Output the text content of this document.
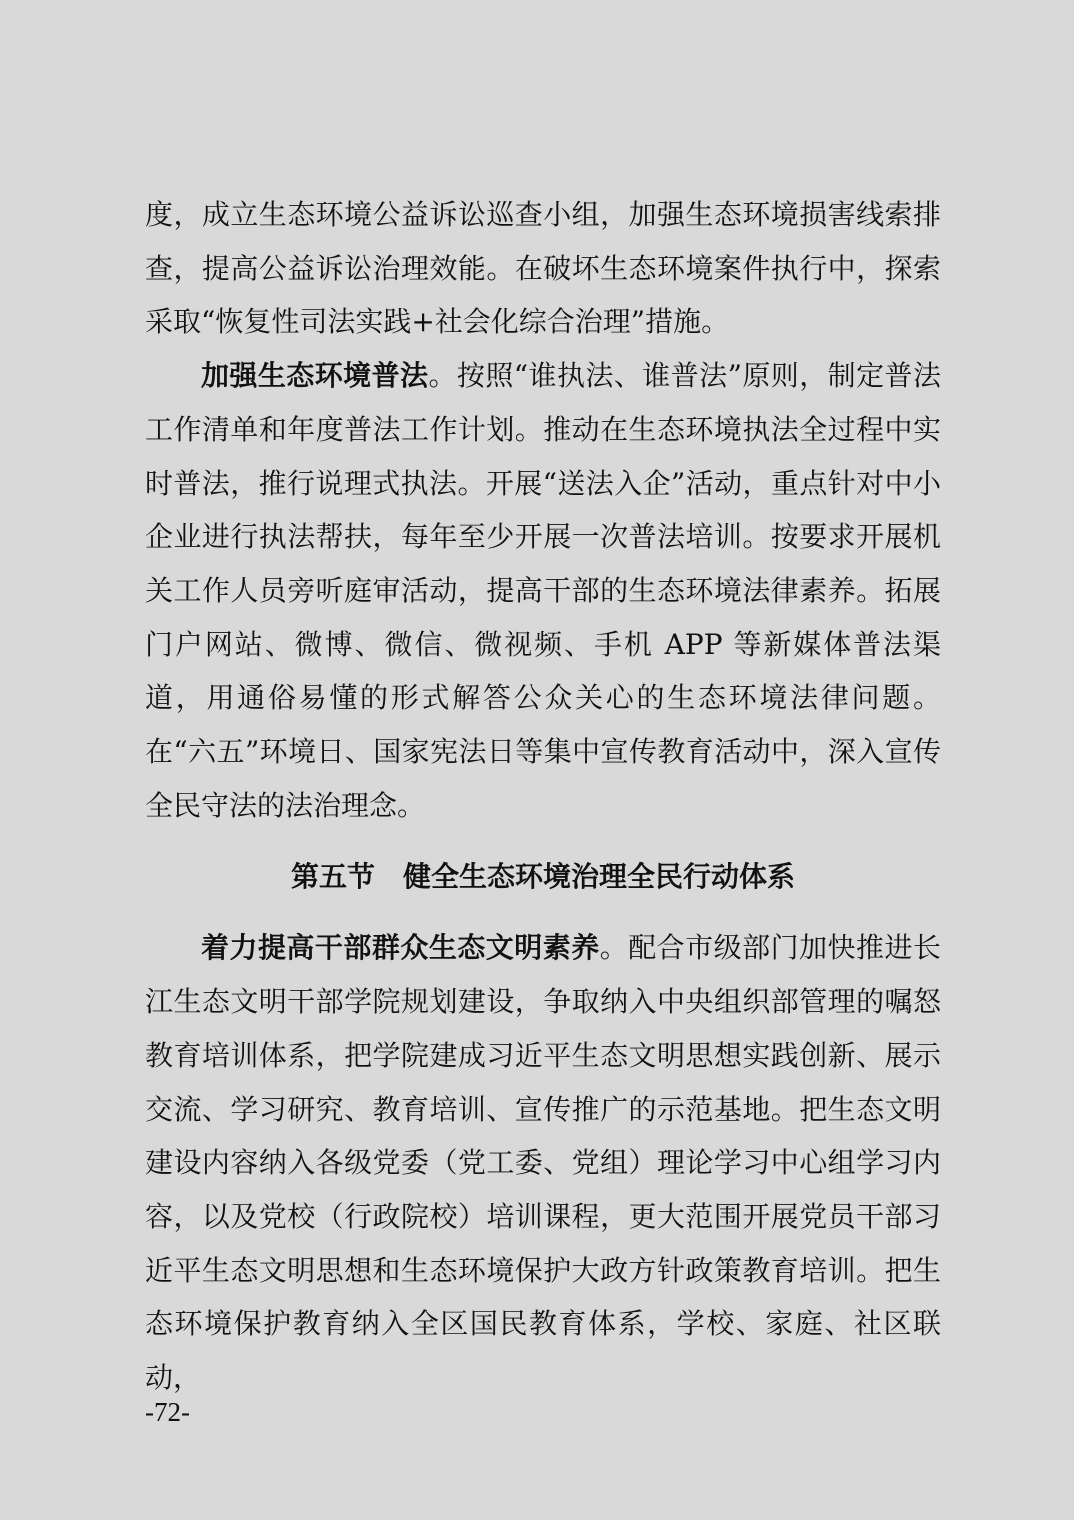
度，成立生态环境公益诉讼巡查小组，加强生态环境损害线索排查，提高公益诉讼治理效能。在破坏生态环境案件执行中，探索采取“恢复性司法实践+社会化综合治理”措施。

加强生态环境普法。按照“谁执法、谁普法”原则，制定普法工作清单和年度普法工作计划。推动在生态环境执法全过程中实时普法，推行说理式执法。开展“送法入企”活动，重点针对中小企业进行执法帮扶，每年至少开展一次普法培训。按要求开展机关工作人员旁听庭审活动，提高干部的生态环境法律素养。拓展门户网站、微博、微信、微视频、手机 APP 等新媒体普法渠道，用通俗易懂的形式解答公众关心的生态环境法律问题。在“六五”环境日、国家宪法日等集中宣传教育活动中，深入宣传全民守法的法治理念。

第五节 健全生态环境治理全民行动体系

着力提高干部群众生态文明素养。配合市级部门加快推进长江生态文明干部学院规划建设，争取纳入中央组织部管理的嘱怒教育培训体系，把学院建成习近平生态文明思想实践创新、展示交流、学习研究、教育培训、宣传推广的示范基地。把生态文明建设内容纳入各级党委（党工委、党组）理论学习中心组学习内容，以及党校（行政院校）培训课程，更大范围开展党员干部习近平生态文明思想和生态环境保护大政方针政策教育培训。把生态环境保护教育纳入全区国民教育体系，学校、家庭、社区联动，

-72-
